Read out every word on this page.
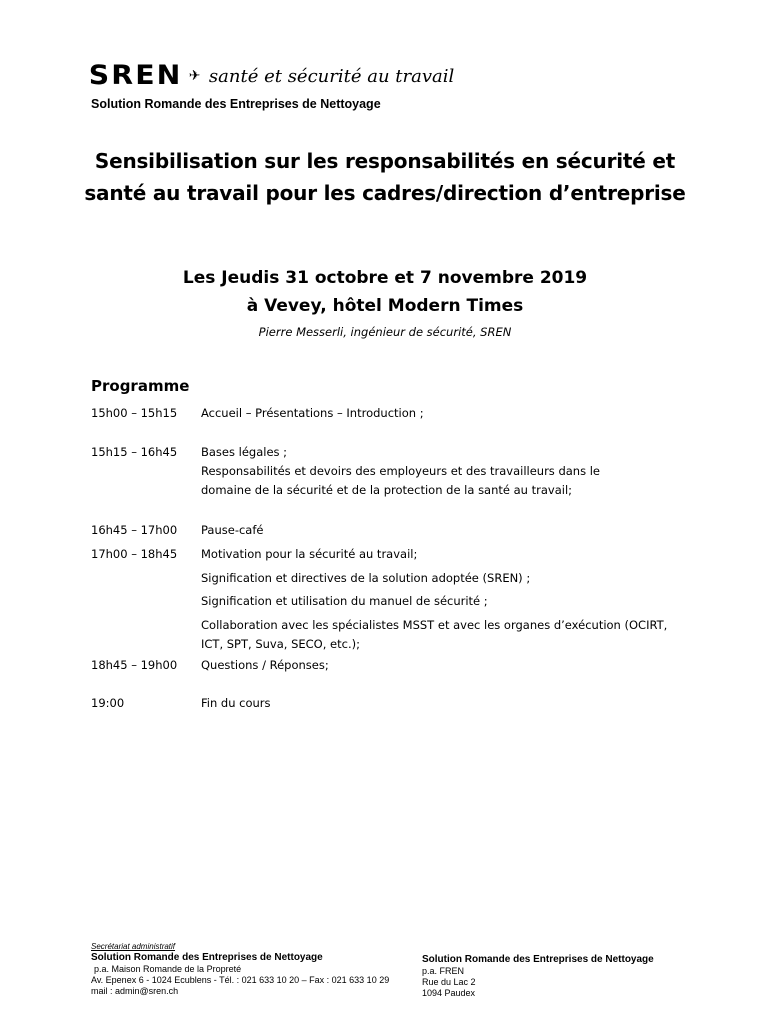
SREN ✈ santé et sécurité au travail
Solution Romande des Entreprises de Nettoyage
Sensibilisation sur les responsabilités en sécurité et
santé au travail pour les cadres/direction d’entreprise
Les Jeudis 31 octobre et 7 novembre 2019
à Vevey, hôtel Modern Times
Pierre Messerli, ingénieur de sécurité, SREN
Programme
15h00 – 15h15 Accueil – Présentations – Introduction ;
15h15 – 16h45 Bases légales ;
Responsabilités et devoirs des employeurs et des travailleurs dans le
domaine de la sécurité et de la protection de la santé au travail;
16h45 – 17h00 Pause-café
17h00 – 18h45 Motivation pour la sécurité au travail;
Signification et directives de la solution adoptée (SREN) ;
Signification et utilisation du manuel de sécurité ;
Collaboration avec les spécialistes MSST et avec les organes d’exécution (OCIRT,
ICT, SPT, Suva, SECO, etc.);
18h45 – 19h00 Questions / Réponses;
19:00	Fin du cours
Secrétariat administratif
Solution Romande des Entreprises de Nettoyage
p.a. Maison Romande de la Propreté
Av. Epenex 6 - 1024 Ecublens - Tél. : 021 633 10 20 – Fax : 021 633 10 29
mail : admin@sren.ch
Solution Romande des Entreprises de Nettoyage
p.a. FREN
Rue du Lac 2
1094 Paudex
